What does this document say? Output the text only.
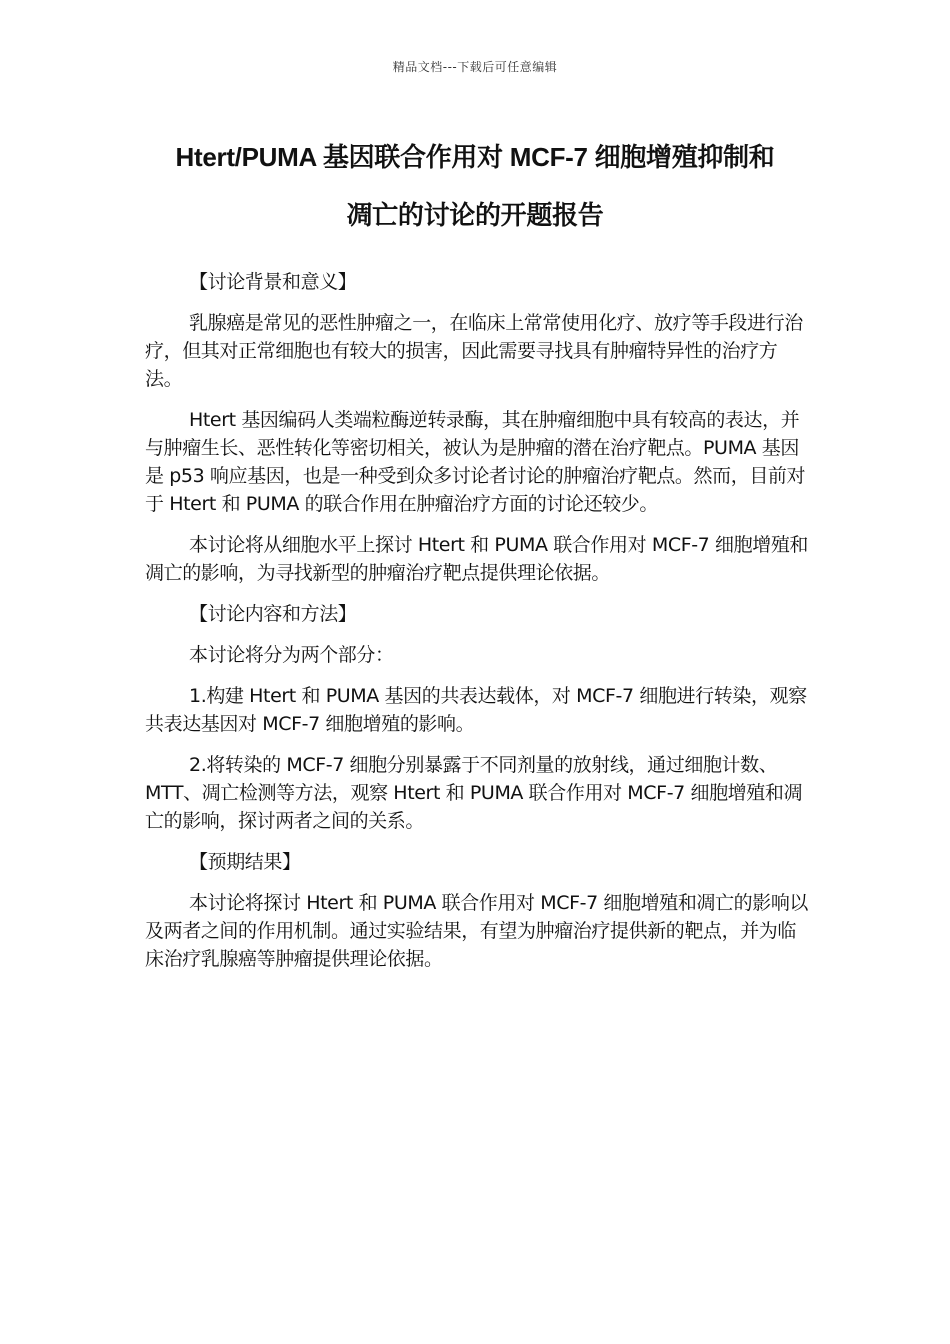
精品文档---下载后可任意编辑
Htert/PUMA 基因联合作用对 MCF-7 细胞增殖抑制和
凋亡的讨论的开题报告

【讨论背景和意义】

乳腺癌是常见的恶性肿瘤之一，在临床上常常使用化疗、放疗等手段进行治疗，但其对正常细胞也有较大的损害，因此需要寻找具有肿瘤特异性的治疗方法。

Htert 基因编码人类端粒酶逆转录酶，其在肿瘤细胞中具有较高的表达，并与肿瘤生长、恶性转化等密切相关，被认为是肿瘤的潜在治疗靶点。PUMA 基因是 p53 响应基因，也是一种受到众多讨论者讨论的肿瘤治疗靶点。然而，目前对于 Htert 和 PUMA 的联合作用在肿瘤治疗方面的讨论还较少。

本讨论将从细胞水平上探讨 Htert 和 PUMA 联合作用对 MCF-7 细胞增殖和凋亡的影响，为寻找新型的肿瘤治疗靶点提供理论依据。

【讨论内容和方法】

本讨论将分为两个部分：

1.构建 Htert 和 PUMA 基因的共表达载体，对 MCF-7 细胞进行转染，观察共表达基因对 MCF-7 细胞增殖的影响。

2.将转染的 MCF-7 细胞分别暴露于不同剂量的放射线，通过细胞计数、MTT、凋亡检测等方法，观察 Htert 和 PUMA 联合作用对 MCF-7 细胞增殖和凋亡的影响，探讨两者之间的关系。

【预期结果】

本讨论将探讨 Htert 和 PUMA 联合作用对 MCF-7 细胞增殖和凋亡的影响以及两者之间的作用机制。通过实验结果，有望为肿瘤治疗提供新的靶点，并为临床治疗乳腺癌等肿瘤提供理论依据。
